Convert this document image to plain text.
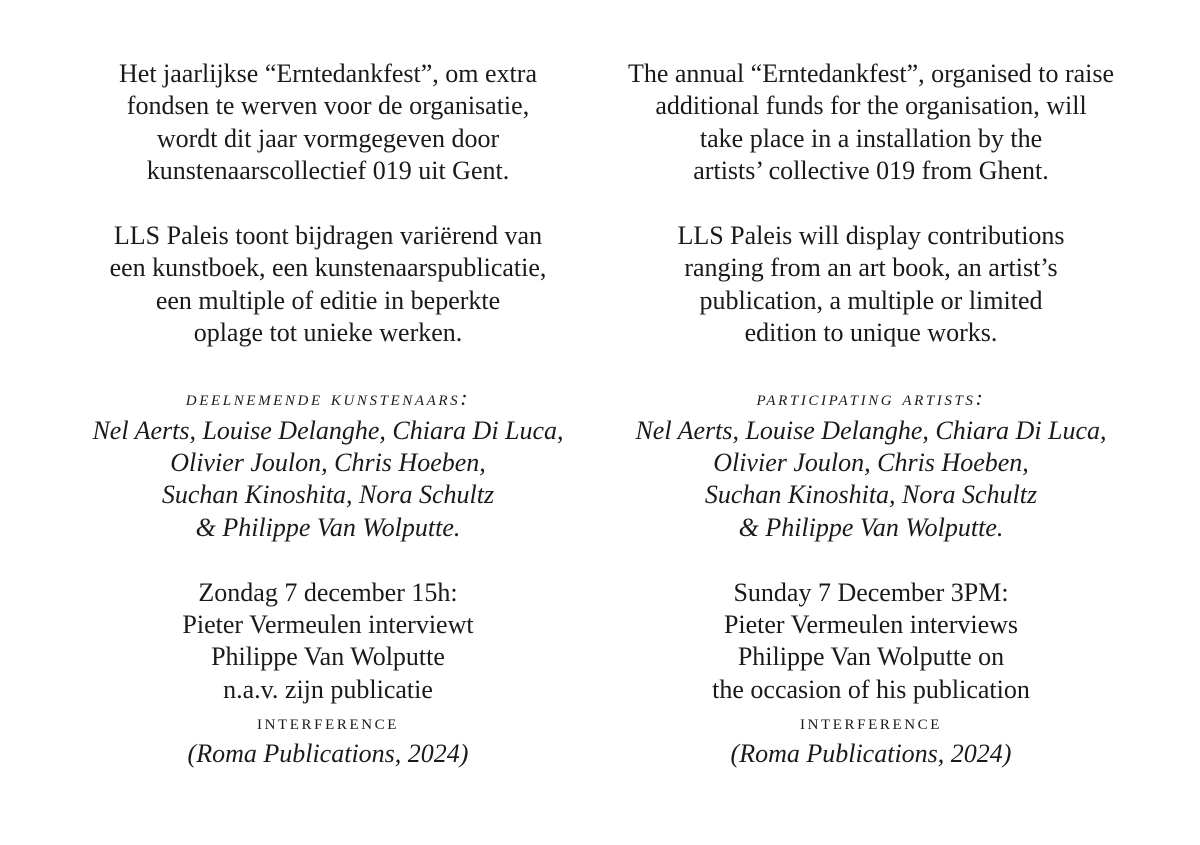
Het jaarlijkse “Erntedankfest”, om extra
fondsen te werven voor de organisatie,
wordt dit jaar vormgegeven door
kunstenaarscollectief 019 uit Gent.
LLS Paleis toont bijdragen variërend van
een kunstboek, een kunstenaarspublicatie,
een multiple of editie in beperkte
oplage tot unieke werken.
deelnemende kunstenaars:
Nel Aerts, Louise Delanghe, Chiara Di Luca,
Olivier Joulon, Chris Hoeben,
Suchan Kinoshita, Nora Schultz
& Philippe Van Wolputte.
Zondag 7 december 15h:
Pieter Vermeulen interviewt
Philippe Van Wolputte
n.a.v. zijn publicatie
interference
(Roma Publications, 2024)
The annual “Erntedankfest”, organised to raise
additional funds for the organisation, will
take place in a installation by the
artists’ collective 019 from Ghent.
LLS Paleis will display contributions
ranging from an art book, an artist’s
publication, a multiple or limited
edition to unique works.
participating artists:
Nel Aerts, Louise Delanghe, Chiara Di Luca,
Olivier Joulon, Chris Hoeben,
Suchan Kinoshita, Nora Schultz
& Philippe Van Wolputte.
Sunday 7 December 3PM:
Pieter Vermeulen interviews
Philippe Van Wolputte on
the occasion of his publication
interference
(Roma Publications, 2024)
